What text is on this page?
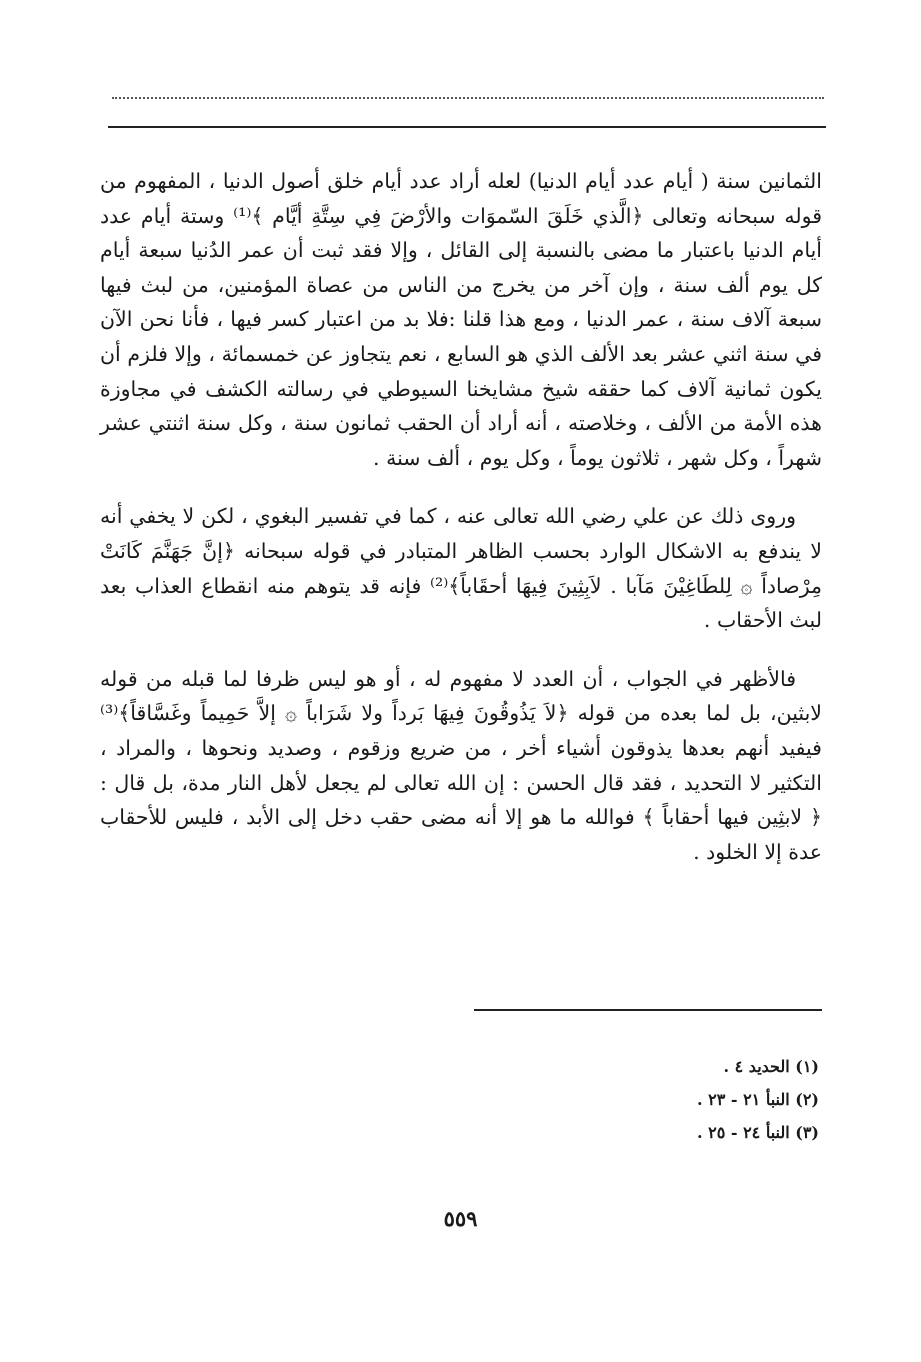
الثمانين سنة ( أيام عدد أيام الدنيا) لعله أراد عدد أيام خلق أصول الدنيا ، المفهوم من قوله سبحانه وتعالى ﴿الَّذي خَلَقَ السّموَات والأرْضَ فِي سِتَّةِ أيَّام ﴾⁽¹⁾ وستة أيام عدد أيام الدنيا باعتبار ما مضى بالنسبة إلى القائل ، وإلا فقد ثبت أن عمر الدُنيا سبعة أيام كل يوم ألف سنة ، وإن آخر من يخرج من الناس من عصاة المؤمنين، من لبث فيها سبعة آلاف سنة ، عمر الدنيا ، ومع هذا قلنا :فلا بد من اعتبار كسر فيها ، فأنا نحن الآن في سنة اثني عشر بعد الألف الذي هو السابع ، نعم يتجاوز عن خمسمائة ، وإلا فلزم أن يكون ثمانية آلاف كما حققه شيخ مشايخنا السيوطي في رسالته الكشف في مجاوزة هذه الأمة من الألف ، وخلاصته ، أنه أراد أن الحقب ثمانون سنة ، وكل سنة اثنتي عشر شهراً ، وكل شهر ، ثلاثون يوماً ، وكل يوم ، ألف سنة .

وروى ذلك عن علي رضي الله تعالى عنه ، كما في تفسير البغوي ، لكن لا يخفي أنه لا يندفع به الاشكال الوارد بحسب الظاهر المتبادر في قوله سبحانه ﴿إنَّ جَهَنَّمَ كَانَتْ مِرْصاداً ۞ لِلطَاغِيْنَ مَآبا . لاَبِثِينَ فِيهَا أحقَاباً﴾⁽²⁾ فإنه قد يتوهم منه انقطاع العذاب بعد لبث الأحقاب .

فالأظهر في الجواب ، أن العدد لا مفهوم له ، أو هو ليس ظرفا لما قبله من قوله لابثين، بل لما بعده من قوله ﴿لاَ يَذُوقُونَ فِيهَا بَرداً ولا شَرَاباً ۞ إلاَّ حَمِيماً وغَسَّاقاً﴾⁽³⁾ فيفيد أنهم بعدها يذوقون أشياء أخر ، من ضريع وزقوم ، وصديد ونحوها ، والمراد ، التكثير لا التحديد ، فقد قال الحسن : إن الله تعالى لم يجعل لأهل النار مدة، بل قال : ﴿ لابثِين فيها أحقاباً ﴾ فوالله ما هو إلا أنه مضى حقب دخل إلى الأبد ، فليس للأحقاب عدة إلا الخلود .

(١) الحديد ٤ .
(٢) النبأ ٢١ - ٢٣ .
(٣) النبأ ٢٤ - ٢٥ .
٥٥٩
